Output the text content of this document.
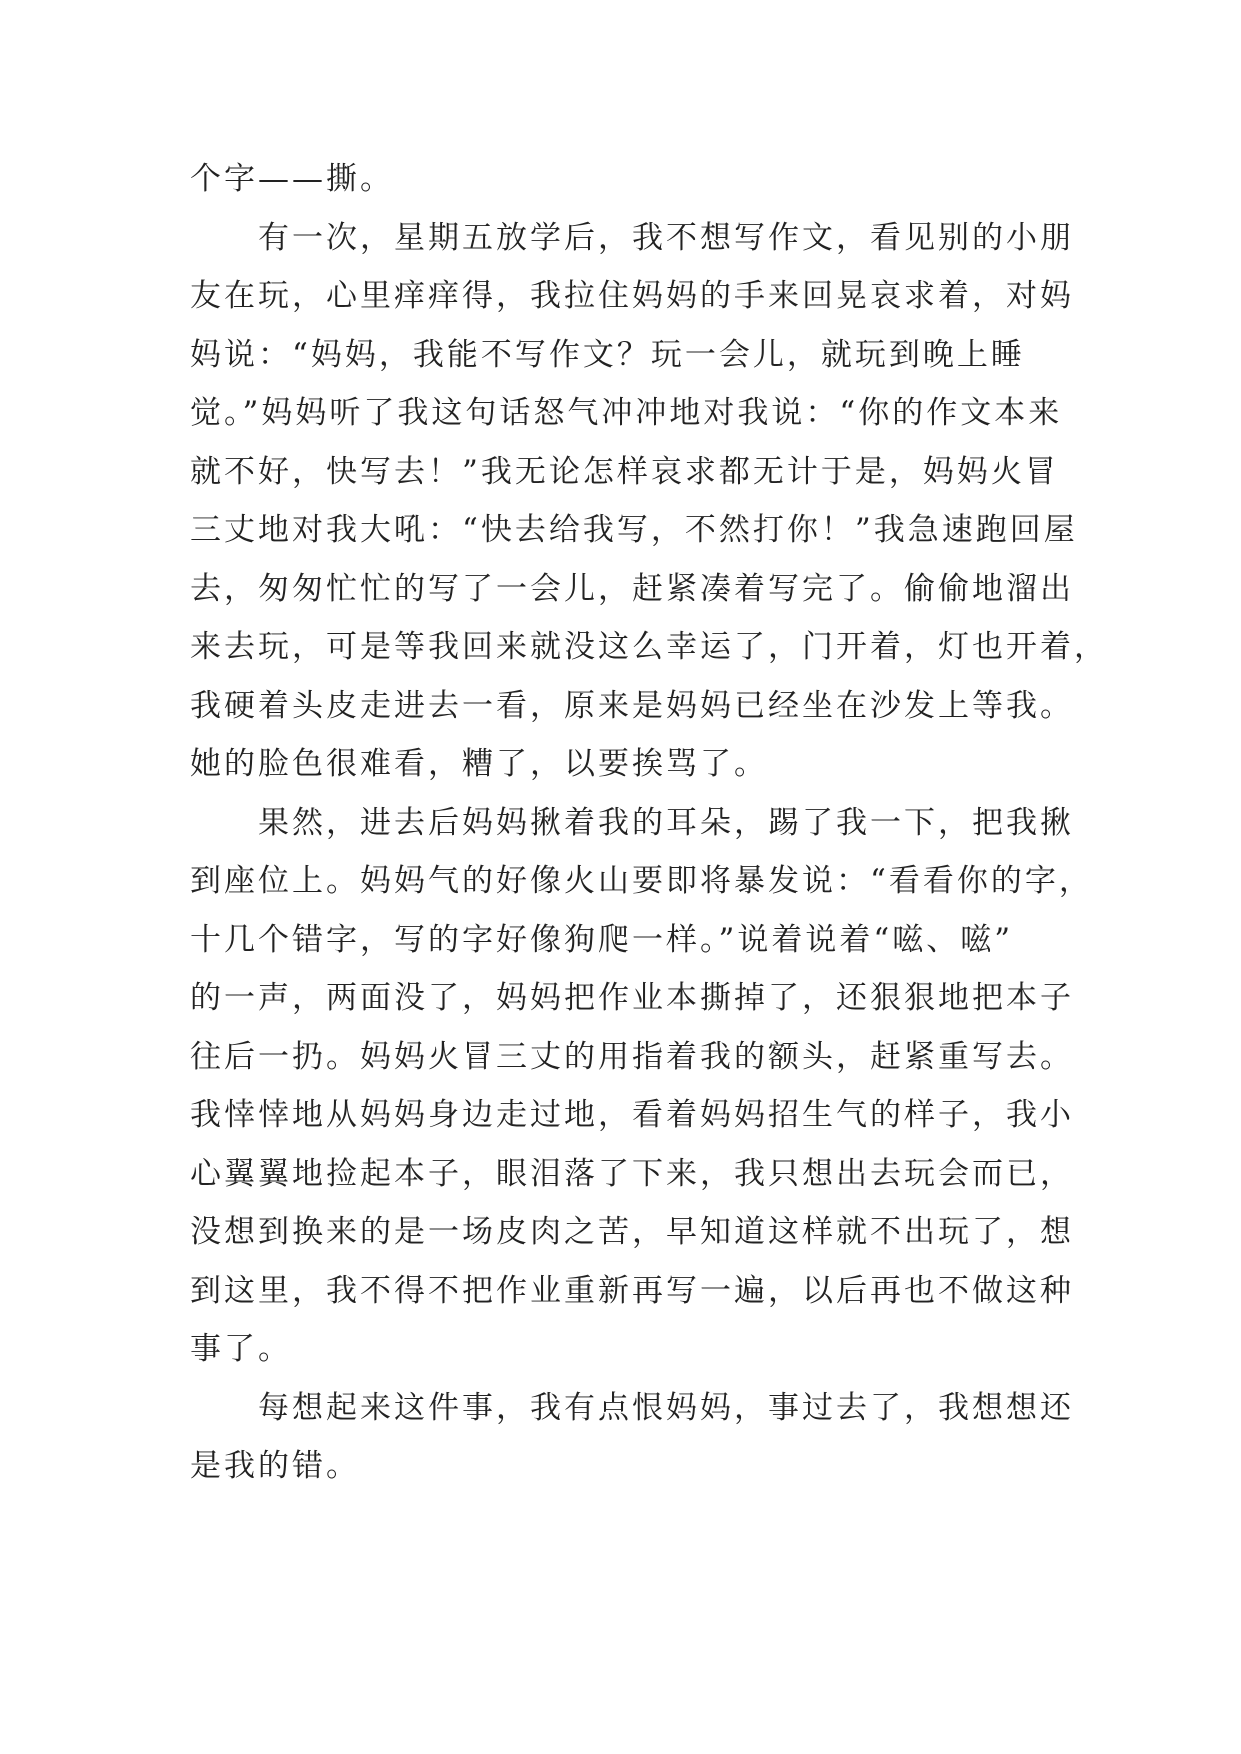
个字——撕。
有一次，星期五放学后，我不想写作文，看见别的小朋
友在玩，心里痒痒得，我拉住妈妈的手来回晃哀求着，对妈
妈说：“妈妈，我能不写作文？玩一会儿，就玩到晚上睡
觉。”妈妈听了我这句话怒气冲冲地对我说：“你的作文本来
就不好，快写去！”我无论怎样哀求都无计于是，妈妈火冒
三丈地对我大吼：“快去给我写，不然打你！”我急速跑回屋
去，匆匆忙忙的写了一会儿，赶紧凑着写完了。偷偷地溜出
来去玩，可是等我回来就没这么幸运了，门开着，灯也开着，
我硬着头皮走进去一看，原来是妈妈已经坐在沙发上等我。
她的脸色很难看，糟了，以要挨骂了。
果然，进去后妈妈揪着我的耳朵，踢了我一下，把我揪
到座位上。妈妈气的好像火山要即将暴发说：“看看你的字，
十几个错字，写的字好像狗爬一样。”说着说着“嗞、嗞”
的一声，两面没了，妈妈把作业本撕掉了，还狠狠地把本子
往后一扔。妈妈火冒三丈的用指着我的额头，赶紧重写去。
我悻悻地从妈妈身边走过地，看着妈妈招生气的样子，我小
心翼翼地捡起本子，眼泪落了下来，我只想出去玩会而已，
没想到换来的是一场皮肉之苦，早知道这样就不出玩了，想
到这里，我不得不把作业重新再写一遍，以后再也不做这种
事了。
每想起来这件事，我有点恨妈妈，事过去了，我想想还
是我的错。
